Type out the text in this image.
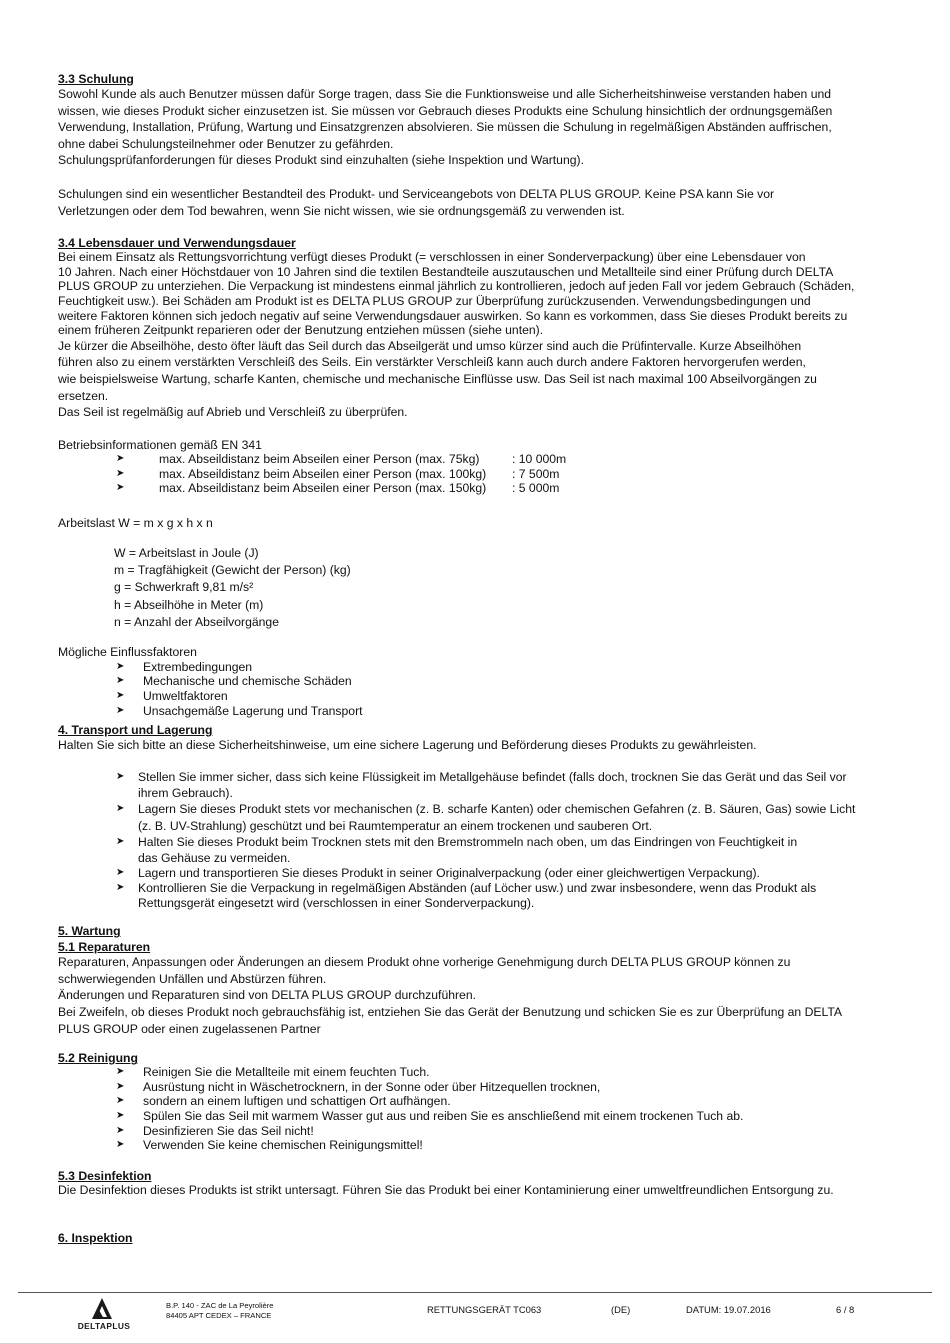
3.3 Schulung
Sowohl Kunde als auch Benutzer müssen dafür Sorge tragen, dass Sie die Funktionsweise und alle Sicherheitshinweise verstanden haben und
wissen, wie dieses Produkt sicher einzusetzen ist. Sie müssen vor Gebrauch dieses Produkts eine Schulung hinsichtlich der ordnungsgemäßen
Verwendung, Installation, Prüfung, Wartung und Einsatzgrenzen absolvieren. Sie müssen die Schulung in regelmäßigen Abständen auffrischen,
ohne dabei Schulungsteilnehmer oder Benutzer zu gefährden.
Schulungsprüfanforderungen für dieses Produkt sind einzuhalten (siehe Inspektion und Wartung).
Schulungen sind ein wesentlicher Bestandteil des Produkt- und Serviceangebots von DELTA PLUS GROUP. Keine PSA kann Sie vor
Verletzungen oder dem Tod bewahren, wenn Sie nicht wissen, wie sie ordnungsgemäß zu verwenden ist.
3.4 Lebensdauer und Verwendungsdauer
Bei einem Einsatz als Rettungsvorrichtung verfügt dieses Produkt (= verschlossen in einer Sonderverpackung) über eine Lebensdauer von
10 Jahren. Nach einer Höchstdauer von 10 Jahren sind die textilen Bestandteile auszutauschen und Metallteile sind einer Prüfung durch DELTA
PLUS GROUP zu unterziehen. Die Verpackung ist mindestens einmal jährlich zu kontrollieren, jedoch auf jeden Fall vor jedem Gebrauch (Schäden,
Feuchtigkeit usw.). Bei Schäden am Produkt ist es DELTA PLUS GROUP zur Überprüfung zurückzusenden. Verwendungsbedingungen und
weitere Faktoren können sich jedoch negativ auf seine Verwendungsdauer auswirken. So kann es vorkommen, dass Sie dieses Produkt bereits zu
einem früheren Zeitpunkt reparieren oder der Benutzung entziehen müssen (siehe unten).
Je kürzer die Abseilhöhe, desto öfter läuft das Seil durch das Abseilgerät und umso kürzer sind auch die Prüfintervalle. Kurze Abseilhöhen
führen also zu einem verstärkten Verschleiß des Seils. Ein verstärkter Verschleiß kann auch durch andere Faktoren hervorgerufen werden,
wie beispielsweise Wartung, scharfe Kanten, chemische und mechanische Einflüsse usw. Das Seil ist nach maximal 100 Abseilvorgängen zu
ersetzen.
Das Seil ist regelmäßig auf Abrieb und Verschleiß zu überprüfen.
Betriebsinformationen gemäß EN 341
➤	max. Abseildistanz beim Abseilen einer Person (max. 75kg)	: 10 000m
➤	max. Abseildistanz beim Abseilen einer Person (max. 100kg) : 7 500m
➤	max. Abseildistanz beim Abseilen einer Person (max. 150kg) : 5 000m
Arbeitslast W = m x g x h x n
W = Arbeitslast in Joule (J)
m = Tragfähigkeit (Gewicht der Person) (kg)
g = Schwerkraft 9,81 m/s²
h = Abseilhöhe in Meter (m)
n = Anzahl der Abseilvorgänge
Mögliche Einflussfaktoren
➤ Extrembedingungen
➤ Mechanische und chemische Schäden
➤ Umweltfaktoren
➤ Unsachgemäße Lagerung und Transport
4. Transport und Lagerung
Halten Sie sich bitte an diese Sicherheitshinweise, um eine sichere Lagerung und Beförderung dieses Produkts zu gewährleisten.
➤ Stellen Sie immer sicher, dass sich keine Flüssigkeit im Metallgehäuse befindet (falls doch, trocknen Sie das Gerät und das Seil vor
ihrem Gebrauch).
➤ Lagern Sie dieses Produkt stets vor mechanischen (z. B. scharfe Kanten) oder chemischen Gefahren (z. B. Säuren, Gas) sowie Licht
(z. B. UV-Strahlung) geschützt und bei Raumtemperatur an einem trockenen und sauberen Ort.
➤ Halten Sie dieses Produkt beim Trocknen stets mit den Bremstrommeln nach oben, um das Eindringen von Feuchtigkeit in
das Gehäuse zu vermeiden.
➤ Lagern und transportieren Sie dieses Produkt in seiner Originalverpackung (oder einer gleichwertigen Verpackung).
➤ Kontrollieren Sie die Verpackung in regelmäßigen Abständen (auf Löcher usw.) und zwar insbesondere, wenn das Produkt als
Rettungsgerät eingesetzt wird (verschlossen in einer Sonderverpackung).
5. Wartung
5.1 Reparaturen
Reparaturen, Anpassungen oder Änderungen an diesem Produkt ohne vorherige Genehmigung durch DELTA PLUS GROUP können zu
schwerwiegenden Unfällen und Abstürzen führen.
Änderungen und Reparaturen sind von DELTA PLUS GROUP durchzuführen.
Bei Zweifeln, ob dieses Produkt noch gebrauchsfähig ist, entziehen Sie das Gerät der Benutzung und schicken Sie es zur Überprüfung an DELTA
PLUS GROUP oder einen zugelassenen Partner
5.2 Reinigung
➤ Reinigen Sie die Metallteile mit einem feuchten Tuch.
➤ Ausrüstung nicht in Wäschetrocknern, in der Sonne oder über Hitzequellen trocknen,
➤ sondern an einem luftigen und schattigen Ort aufhängen.
➤ Spülen Sie das Seil mit warmem Wasser gut aus und reiben Sie es anschließend mit einem trockenen Tuch ab.
➤ Desinfizieren Sie das Seil nicht!
➤ Verwenden Sie keine chemischen Reinigungsmittel!
5.3 Desinfektion
Die Desinfektion dieses Produkts ist strikt untersagt. Führen Sie das Produkt bei einer Kontaminierung einer umweltfreundlichen Entsorgung zu.
6. Inspektion
DELTAPLUS
B.P. 140 - ZAC de La Peyrolière
84405 APT CEDEX – FRANCE
RETTUNGSGERÄT TC063	(DE)	DATUM: 19.07.2016	6 / 8
